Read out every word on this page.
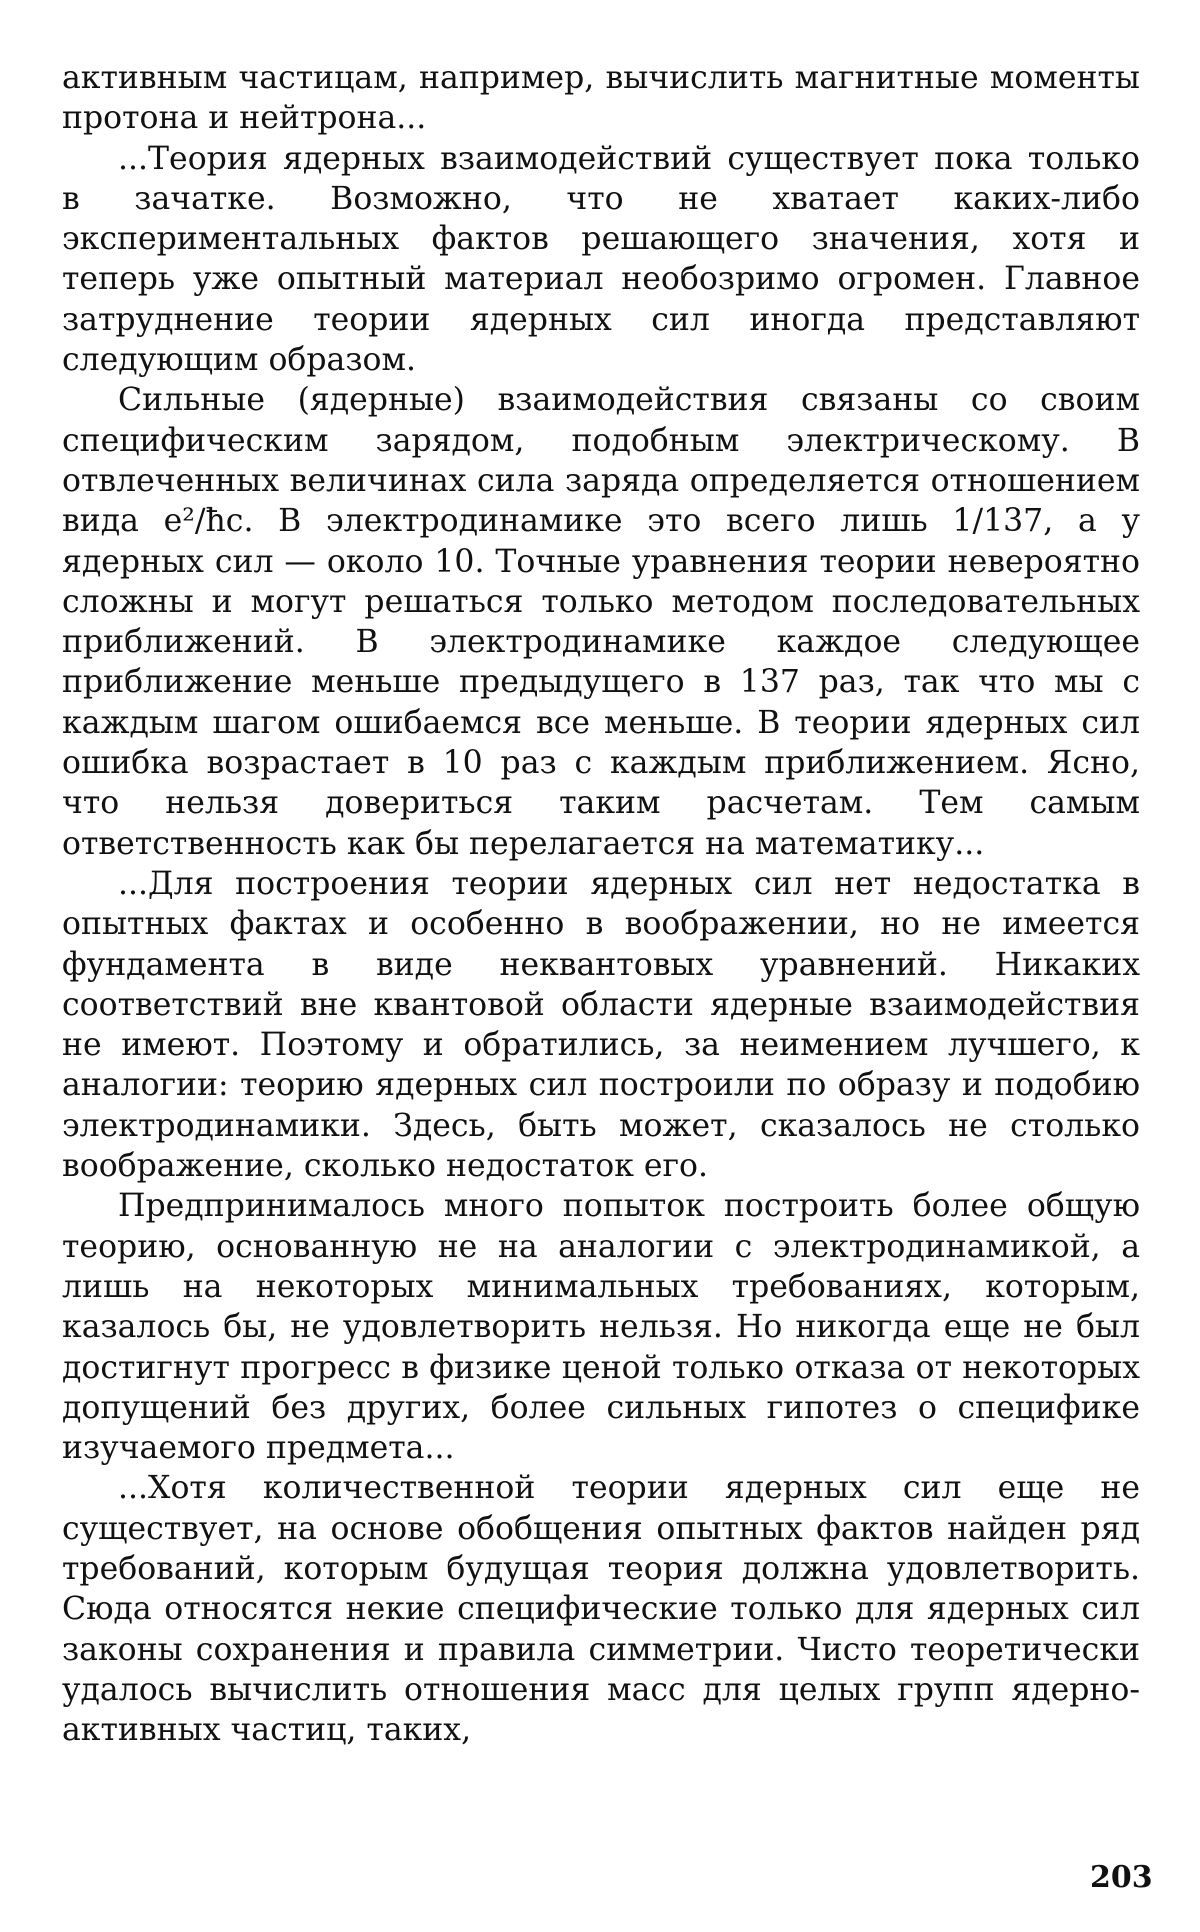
активным частицам, например, вычислить магнитные моменты протона и нейтрона...

...Теория ядерных взаимодействий существует пока только в зачатке. Возможно, что не хватает каких-либо экспериментальных фактов решающего значения, хотя и теперь уже опытный материал необозримо огромен. Главное затруднение теории ядерных сил иногда представляют следующим образом.

Сильные (ядерные) взаимодействия связаны со своим специфическим зарядом, подобным электрическому. В отвлеченных величинах сила заряда определяется отношением вида e²/ħc. В электродинамике это всего лишь 1/137, а у ядерных сил — около 10. Точные уравнения теории невероятно сложны и могут решаться только методом последовательных приближений. В электродинамике каждое следующее приближение меньше предыдущего в 137 раз, так что мы с каждым шагом ошибаемся все меньше. В теории ядерных сил ошибка возрастает в 10 раз с каждым приближением. Ясно, что нельзя довериться таким расчетам. Тем самым ответственность как бы перелагается на математику...

...Для построения теории ядерных сил нет недостатка в опытных фактах и особенно в воображении, но не имеется фундамента в виде неквантовых уравнений. Никаких соответствий вне квантовой области ядерные взаимодействия не имеют. Поэтому и обратились, за неимением лучшего, к аналогии: теорию ядерных сил построили по образу и подобию электродинамики. Здесь, быть может, сказалось не столько воображение, сколько недостаток его.

Предпринималось много попыток построить более общую теорию, основанную не на аналогии с электродинамикой, а лишь на некоторых минимальных требованиях, которым, казалось бы, не удовлетворить нельзя. Но никогда еще не был достигнут прогресс в физике ценой только отказа от некоторых допущений без других, более сильных гипотез о специфике изучаемого предмета...

...Хотя количественной теории ядерных сил еще не существует, на основе обобщения опытных фактов найден ряд требований, которым будущая теория должна удовлетворить. Сюда относятся некие специфические только для ядерных сил законы сохранения и правила симметрии. Чисто теоретически удалось вычислить отношения масс для целых групп ядерно-активных частиц, таких,

203
